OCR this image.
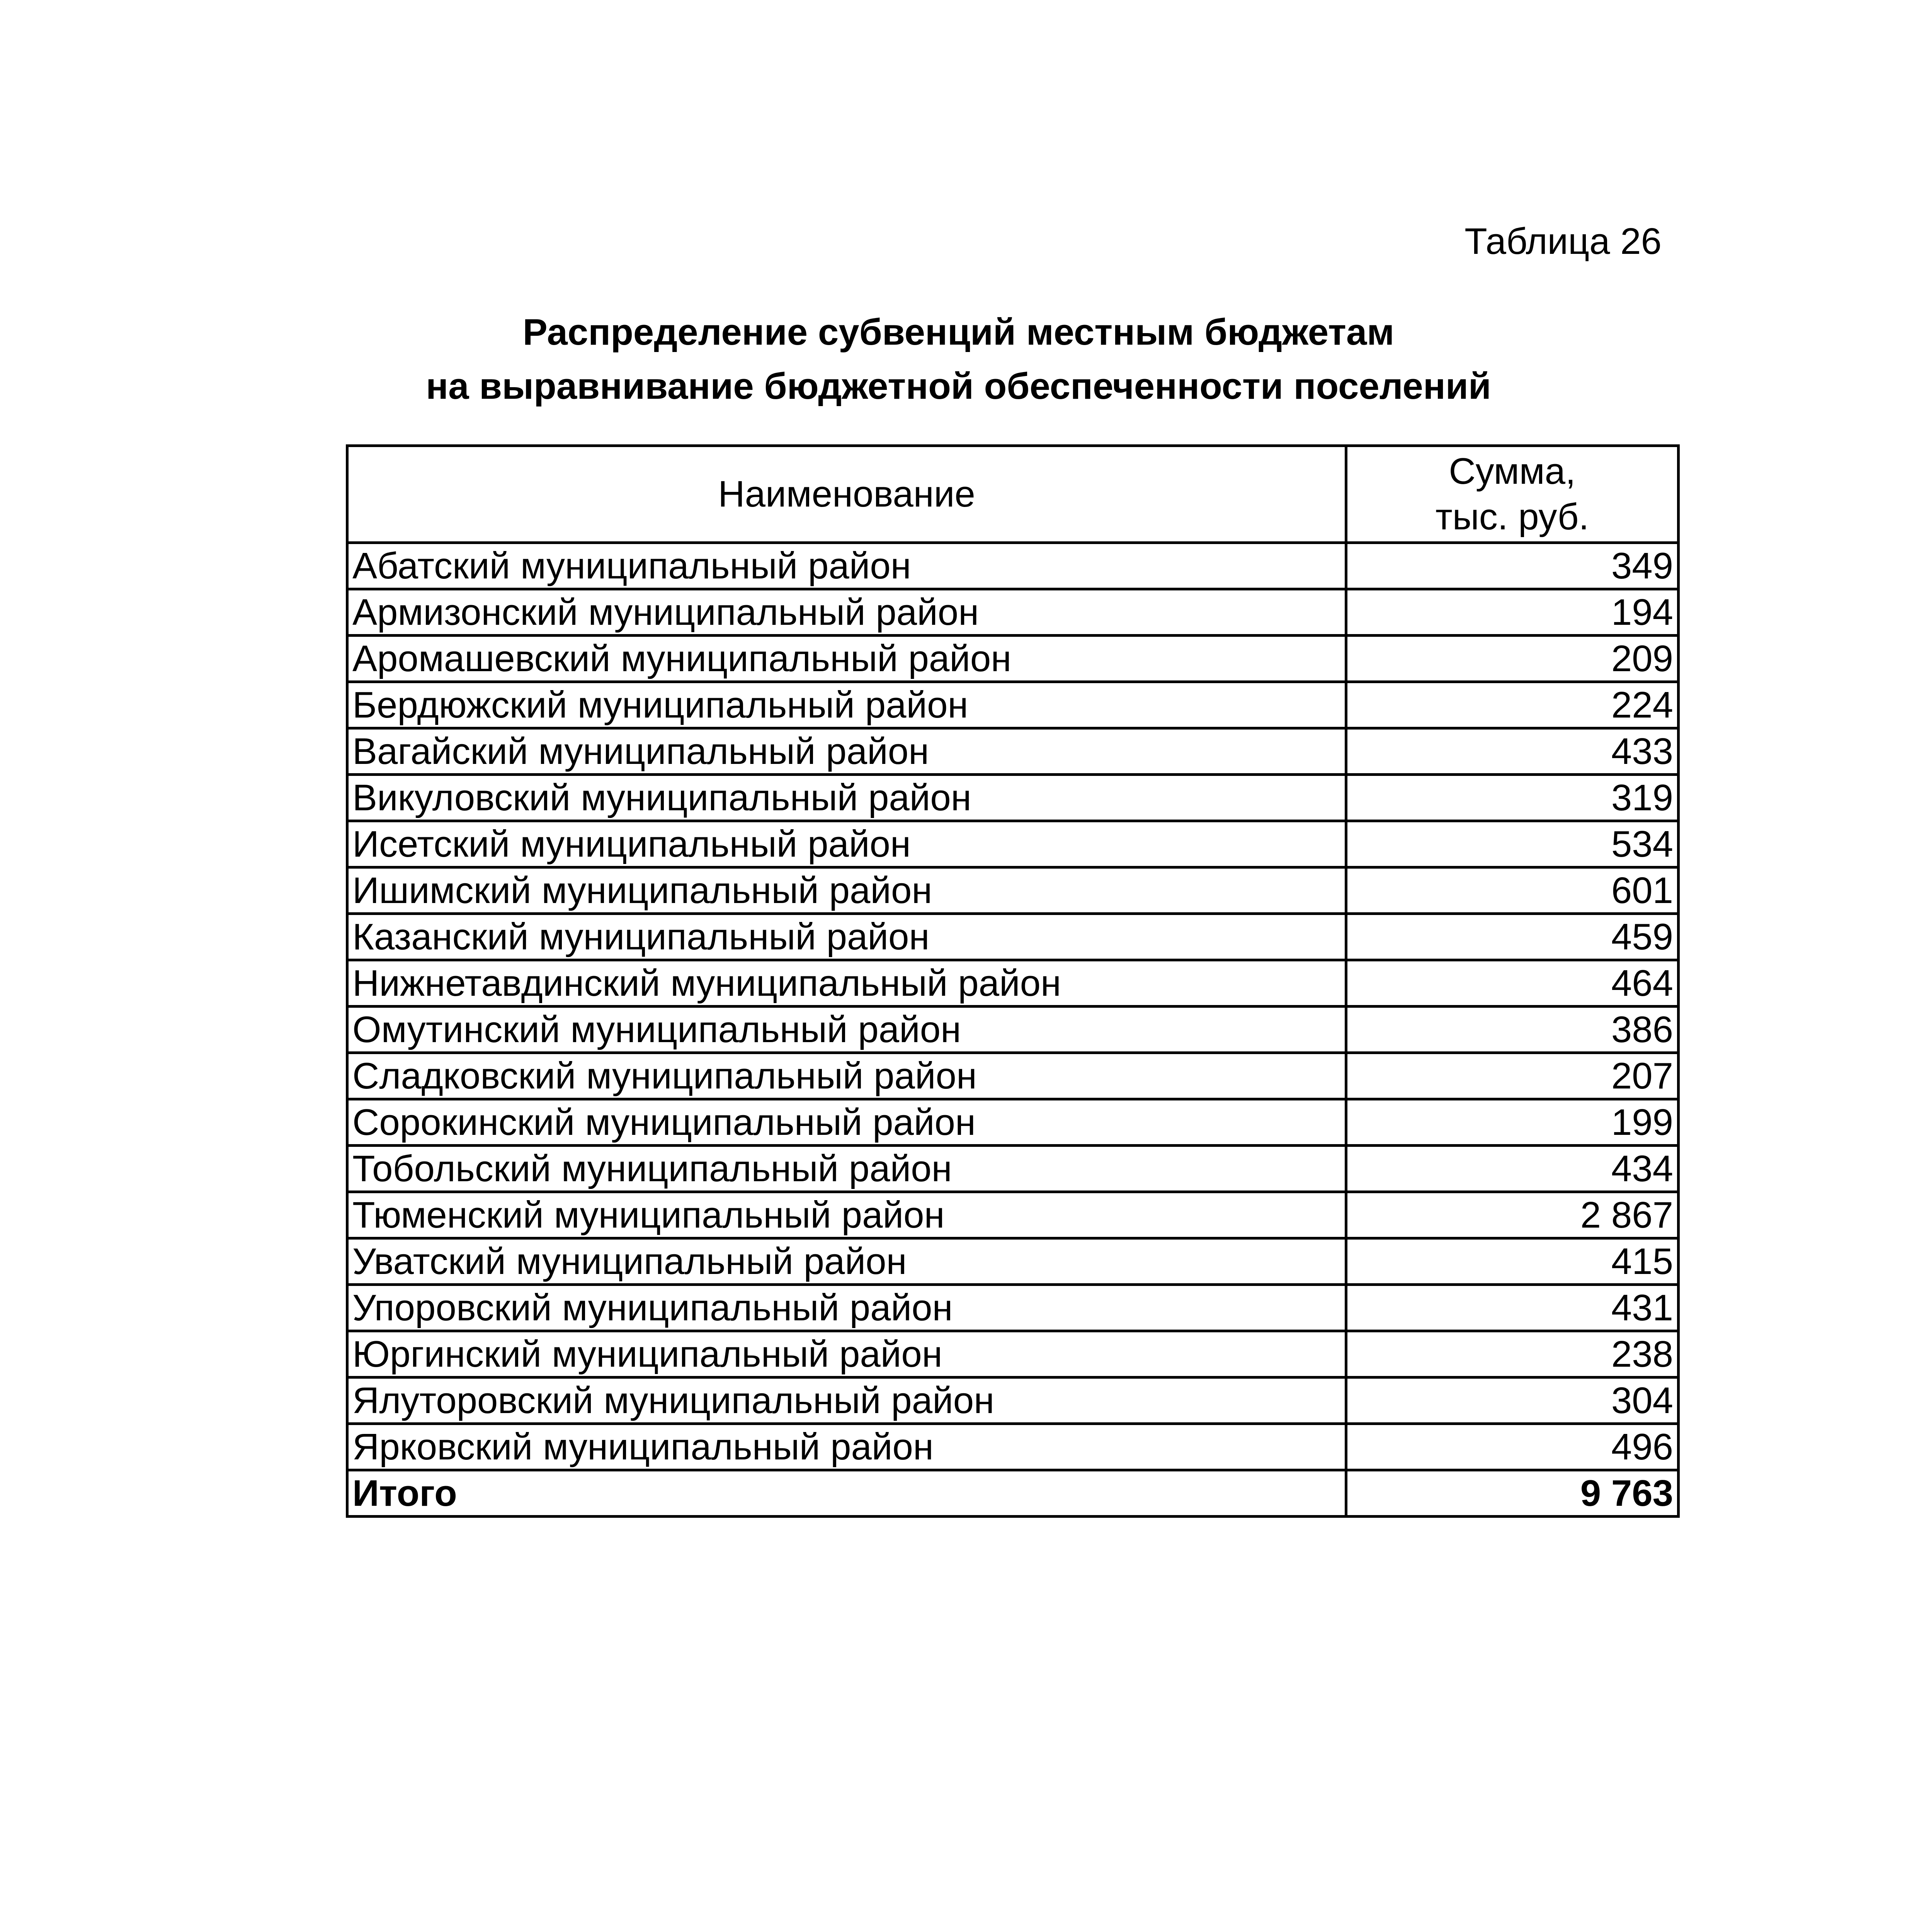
Таблица 26
Распределение субвенций местным бюджетам
на выравнивание бюджетной обеспеченности поселений
Наименование	Сумма,
тыс. руб.

Абатский муниципальный район	349
Армизонский муниципальный район	194
Аромашевский муниципальный район	209
Бердюжский муниципальный район	224
Вагайский муниципальный район	433
Викуловский муниципальный район	319
Исетский муниципальный район	534
Ишимский муниципальный район	601
Казанский муниципальный район	459
Нижнетавдинский муниципальный район	464
Омутинский муниципальный район	386
Сладковский муниципальный район	207
Сорокинский муниципальный район	199
Тобольский муниципальный район	434
Тюменский муниципальный район	2 867
Уватский муниципальный район	415
Упоровский муниципальный район	431
Юргинский муниципальный район	238
Ялуторовский муниципальный район	304
Ярковский муниципальный район	496
Итого	9 763
